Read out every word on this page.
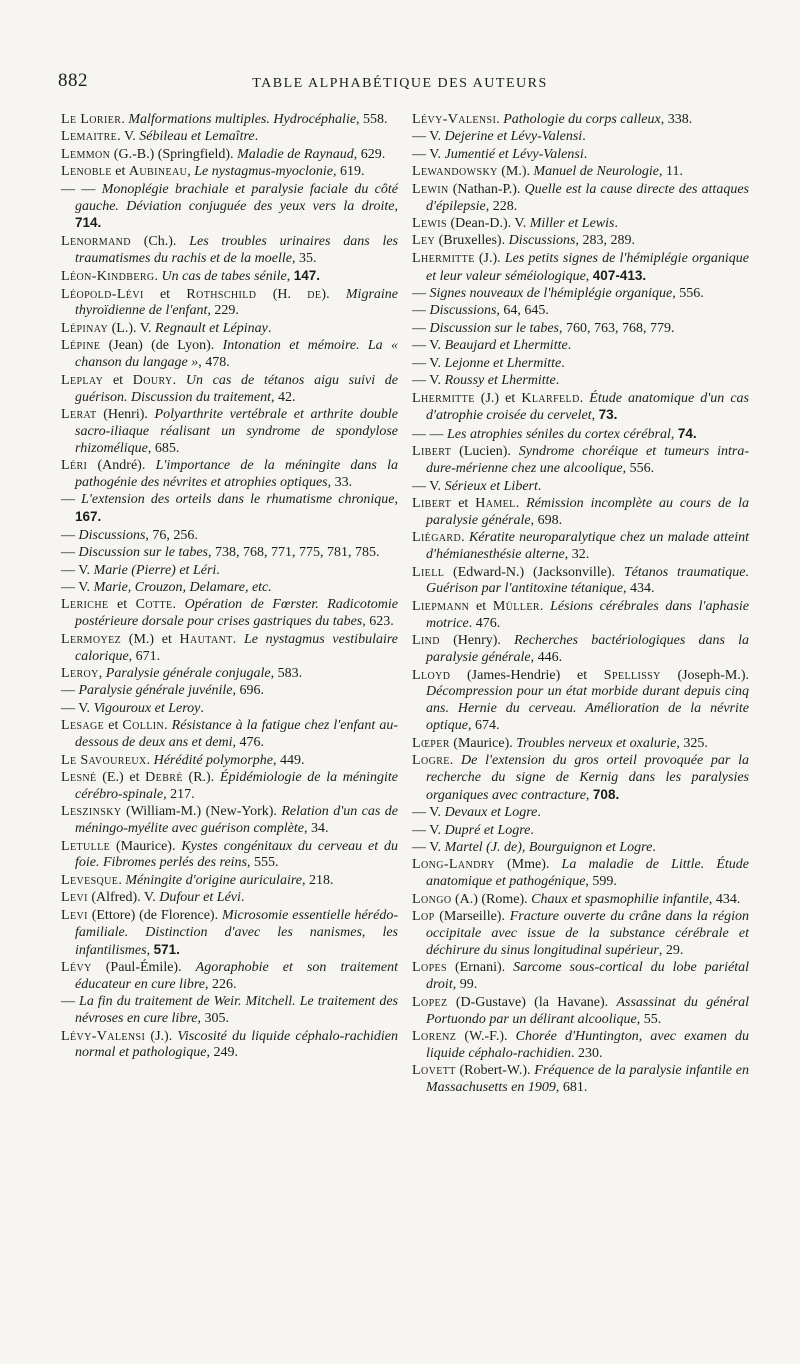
882	TABLE ALPHABÉTIQUE DES AUTEURS

Le Lorier. Malformations multiples. Hydrocéphalie, 558.

Lemaitre. V. Sébileau et Lemaître.

Lemmon (G.-B.) (Springfield). Maladie de Raynaud, 629.

Lenoble et Aubineau, Le nystagmus-myoclonie, 619.

— — Monoplégie brachiale et paralysie faciale du côté gauche. Déviation conjuguée des yeux vers la droite, 714.

Lenormand (Ch.). Les troubles urinaires dans les traumatismes du rachis et de la moelle, 35.

Léon-Kindberg. Un cas de tabes sénile, 147.

Léopold-Lévi et Rothschild (H. de). Migraine thyroïdienne de l'enfant, 229.

Lépinay (L.). V. Regnault et Lépinay.

Lépine (Jean) (de Lyon). Intonation et mémoire. La « chanson du langage », 478.

Leplay et Doury. Un cas de tétanos aigu suivi de guérison. Discussion du traitement, 42.

Lerat (Henri). Polyarthrite vertébrale et arthrite double sacro-iliaque réalisant un syndrome de spondylose rhizomélique, 685.

Léri (André). L'importance de la méningite dans la pathogénie des névrites et atrophies optiques, 33.

— L'extension des orteils dans le rhumatisme chronique, 167.

— Discussions, 76, 256.

— Discussion sur le tabes, 738, 768, 771, 775, 781, 785.

— V. Marie (Pierre) et Léri.

— V. Marie, Crouzon, Delamare, etc.

Leriche et Cotte. Opération de Fœrster. Radicotomie postérieure dorsale pour crises gastriques du tabes, 623.

Lermoyez (M.) et Hautant. Le nystagmus vestibulaire calorique, 671.

Leroy, Paralysie générale conjugale, 583.

— Paralysie générale juvénile, 696.

— V. Vigouroux et Leroy.

Lesage et Collin. Résistance à la fatigue chez l'enfant au-dessous de deux ans et demi, 476.

Le Savoureux. Hérédité polymorphe, 449.

Lesné (E.) et Debré (R.). Épidémiologie de la méningite cérébro-spinale, 217.

Leszinsky (William-M.) (New-York). Relation d'un cas de méningo-myélite avec guérison complète, 34.

Letulle (Maurice). Kystes congénitaux du cerveau et du foie. Fibromes perlés des reins, 555.

Levesque. Méningite d'origine auriculaire, 218.

Levi (Alfred). V. Dufour et Lévi.

Levi (Ettore) (de Florence). Microsomie essentielle hérédo-familiale. Distinction d'avec les nanismes, les infantilismes, 571.

Lévy (Paul-Émile). Agoraphobie et son traitement éducateur en cure libre, 226.

— La fin du traitement de Weir. Mitchell. Le traitement des névroses en cure libre, 305.

Lévy-Valensi (J.). Viscosité du liquide céphalo-rachidien normal et pathologique, 249.

Lévy-Valensi. Pathologie du corps calleux, 338.

— V. Dejerine et Lévy-Valensi.

— V. Jumentié et Lévy-Valensi.

Lewandowsky (M.). Manuel de Neurologie, 11.

Lewin (Nathan-P.). Quelle est la cause directe des attaques d'épilepsie, 228.

Lewis (Dean-D.). V. Miller et Lewis.

Ley (Bruxelles). Discussions, 283, 289.

Lhermitte (J.). Les petits signes de l'hémiplégie organique et leur valeur séméiologique, 407-413.

— Signes nouveaux de l'hémiplégie organique, 556.

— Discussions, 64, 645.

— Discussion sur le tabes, 760, 763, 768, 779.

— V. Beaujard et Lhermitte.

— V. Lejonne et Lhermitte.

— V. Roussy et Lhermitte.

Lhermitte (J.) et Klarfeld. Étude anatomique d'un cas d'atrophie croisée du cervelet, 73.

— — Les atrophies séniles du cortex cérébral, 74.

Libert (Lucien). Syndrome choréique et tumeurs intra-dure-mérienne chez une alcoolique, 556.

— V. Sérieux et Libert.

Libert et Hamel. Rémission incomplète au cours de la paralysie générale, 698.

Liégard. Kératite neuroparalytique chez un malade atteint d'hémianesthésie alterne, 32.

Liell (Edward-N.) (Jacksonville). Tétanos traumatique. Guérison par l'antitoxine tétanique, 434.

Liepmann et Müller. Lésions cérébrales dans l'aphasie motrice. 476.

Lind (Henry). Recherches bactériologiques dans la paralysie générale, 446.

Lloyd (James-Hendrie) et Spellissy (Joseph-M.). Décompression pour un état morbide durant depuis cinq ans. Hernie du cerveau. Amélioration de la névrite optique, 674.

Lœper (Maurice). Troubles nerveux et oxalurie, 325.

Logre. De l'extension du gros orteil provoquée par la recherche du signe de Kernig dans les paralysies organiques avec contracture, 708.

— V. Devaux et Logre.

— V. Dupré et Logre.

— V. Martel (J. de), Bourguignon et Logre.

Long-Landry (Mme). La maladie de Little. Étude anatomique et pathogénique, 599.

Longo (A.) (Rome). Chaux et spasmophilie infantile, 434.

Lop (Marseille). Fracture ouverte du crâne dans la région occipitale avec issue de la substance cérébrale et déchirure du sinus longitudinal supérieur, 29.

Lopes (Ernani). Sarcome sous-cortical du lobe pariétal droit, 99.

Lopez (D-Gustave) (la Havane). Assassinat du général Portuondo par un délirant alcoolique, 55.

Lorenz (W.-F.). Chorée d'Huntington, avec examen du liquide céphalo-rachidien. 230.

Lovett (Robert-W.). Fréquence de la paralysie infantile en Massachusetts en 1909, 681.
